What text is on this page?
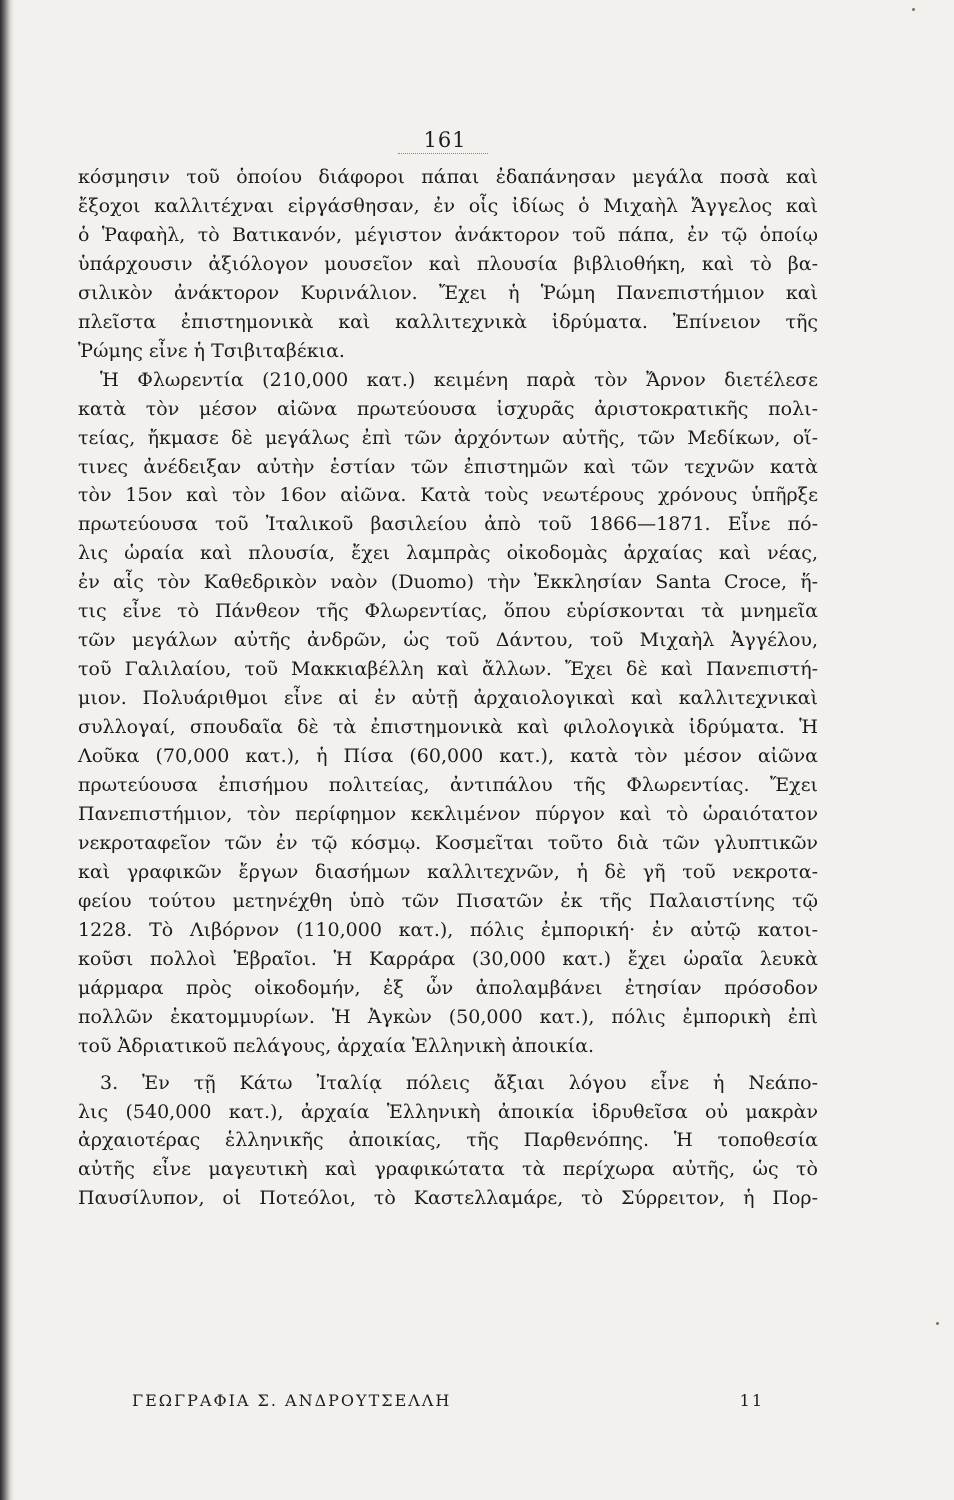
161
κόσμησιν τοῦ ὁποίου διάφοροι πάπαι ἐδαπάνησαν μεγάλα ποσὰ καὶ
ἔξοχοι καλλιτέχναι εἰργάσθησαν, ἐν οἷς ἰδίως ὁ Μιχαὴλ Ἄγγελος καὶ
ὁ Ῥαφαὴλ, τὸ Βατικανόν, μέγιστον ἀνάκτορον τοῦ πάπα, ἐν τῷ ὁποίῳ
ὑπάρχουσιν ἀξιόλογον μουσεῖον καὶ πλουσία βιβλιοθήκη, καὶ τὸ βα-
σιλικὸν ἀνάκτορον Κυρινάλιον. Ἔχει ἡ Ῥώμη Πανεπιστήμιον καὶ
πλεῖστα ἐπιστημονικὰ καὶ καλλιτεχνικὰ ἱδρύματα. Ἐπίνειον τῆς
Ῥώμης εἶνε ἡ Τσιβιταβέκια.
Ἡ Φλωρεντία (210,000 κατ.) κειμένη παρὰ τὸν Ἄρνον διετέλεσε
κατὰ τὸν μέσον αἰῶνα πρωτεύουσα ἰσχυρᾶς ἀριστοκρατικῆς πολι-
τείας, ἤκμασε δὲ μεγάλως ἐπὶ τῶν ἀρχόντων αὐτῆς, τῶν Μεδίκων, οἵ-
τινες ἀνέδειξαν αὐτὴν ἑστίαν τῶν ἐπιστημῶν καὶ τῶν τεχνῶν κατὰ
τὸν 15ον καὶ τὸν 16ον αἰῶνα. Κατὰ τοὺς νεωτέρους χρόνους ὑπῆρξε
πρωτεύουσα τοῦ Ἰταλικοῦ βασιλείου ἀπὸ τοῦ 1866—1871. Εἶνε πό-
λις ὡραία καὶ πλουσία, ἔχει λαμπρὰς οἰκοδομὰς ἀρχαίας καὶ νέας,
ἐν αἷς τὸν Καθεδρικὸν ναὸν (Duomo) τὴν Ἐκκλησίαν Santa Croce, ἥ-
τις εἶνε τὸ Πάνθεον τῆς Φλωρεντίας, ὅπου εὑρίσκονται τὰ μνημεῖα
τῶν μεγάλων αὐτῆς ἀνδρῶν, ὡς τοῦ Δάντου, τοῦ Μιχαὴλ Ἀγγέλου,
τοῦ Γαλιλαίου, τοῦ Μακκιαβέλλη καὶ ἄλλων. Ἔχει δὲ καὶ Πανεπιστή-
μιον. Πολυάριθμοι εἶνε αἱ ἐν αὐτῇ ἀρχαιολογικαὶ καὶ καλλιτεχνικαὶ
συλλογαί, σπουδαῖα δὲ τὰ ἐπιστημονικὰ καὶ φιλολογικὰ ἱδρύματα. Ἡ
Λοῦκα (70,000 κατ.), ἡ Πίσα (60,000 κατ.), κατὰ τὸν μέσον αἰῶνα
πρωτεύουσα ἐπισήμου πολιτείας, ἀντιπάλου τῆς Φλωρεντίας. Ἔχει
Πανεπιστήμιον, τὸν περίφημον κεκλιμένον πύργον καὶ τὸ ὡραιότατον
νεκροταφεῖον τῶν ἐν τῷ κόσμῳ. Κοσμεῖται τοῦτο διὰ τῶν γλυπτικῶν
καὶ γραφικῶν ἔργων διασήμων καλλιτεχνῶν, ἡ δὲ γῆ τοῦ νεκροτα-
φείου τούτου μετηνέχθη ὑπὸ τῶν Πισατῶν ἐκ τῆς Παλαιστίνης τῷ
1228. Τὸ Λιβόρνον (110,000 κατ.), πόλις ἐμπορική· ἐν αὐτῷ κατοι-
κοῦσι πολλοὶ Ἑβραῖοι. Ἡ Καρράρα (30,000 κατ.) ἔχει ὡραῖα λευκὰ
μάρμαρα πρὸς οἰκοδομήν, ἐξ ὧν ἀπολαμβάνει ἐτησίαν πρόσοδον
πολλῶν ἑκατομμυρίων. Ἡ Ἀγκὼν (50,000 κατ.), πόλις ἐμπορικὴ ἐπὶ
τοῦ Ἀδριατικοῦ πελάγους, ἀρχαία Ἑλληνικὴ ἀποικία.
3. Ἐν τῇ Κάτω Ἰταλίᾳ πόλεις ἄξιαι λόγου εἶνε ἡ Νεάπο-
λις (540,000 κατ.), ἀρχαία Ἑλληνικὴ ἀποικία ἱδρυθεῖσα οὐ μακρὰν
ἀρχαιοτέρας ἑλληνικῆς ἀποικίας, τῆς Παρθενόπης. Ἡ τοποθεσία
αὐτῆς εἶνε μαγευτικὴ καὶ γραφικώτατα τὰ περίχωρα αὐτῆς, ὡς τὸ
Παυσίλυπον, οἱ Ποτεόλοι, τὸ Καστελλαμάρε, τὸ Σύρρειτον, ἡ Πορ-
ΓΕΩΓΡΑΦΙΑ Σ. ΑΝΔΡΟΥΤΣΕΛΛΗ	11
